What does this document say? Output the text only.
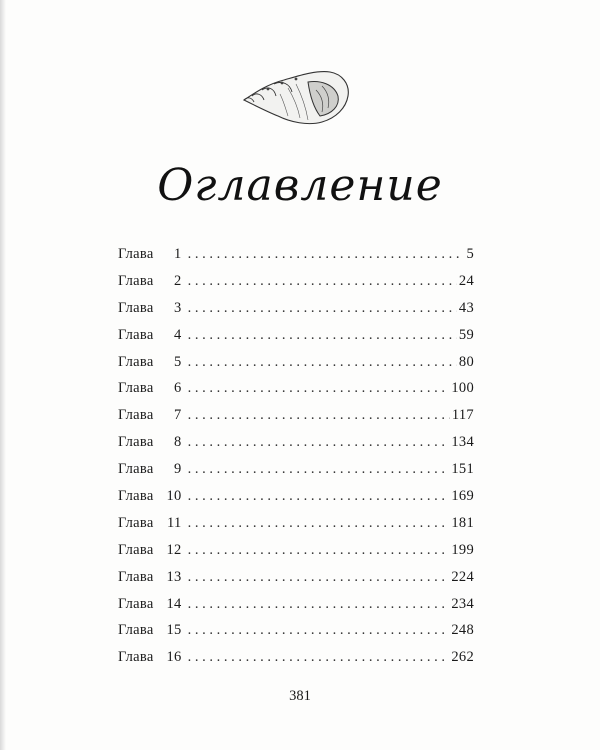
Оглавление
Глава 1 . . .	5
Глава 2 . . .	24
Глава 3 . . .	43
Глава 4 . . .	59
Глава 5 . . .	80
Глава 6 . . .	100
Глава 7 . . .	117
Глава 8 . . .	134
Глава 9 . . .	151
Глава 10 . . .	169
Глава 11 . . .	181
Глава 12 . . .	199
Глава 13 . . .	224
Глава 14 . . .	234
Глава 15 . . .	248
Глава 16 . . .	262
381
